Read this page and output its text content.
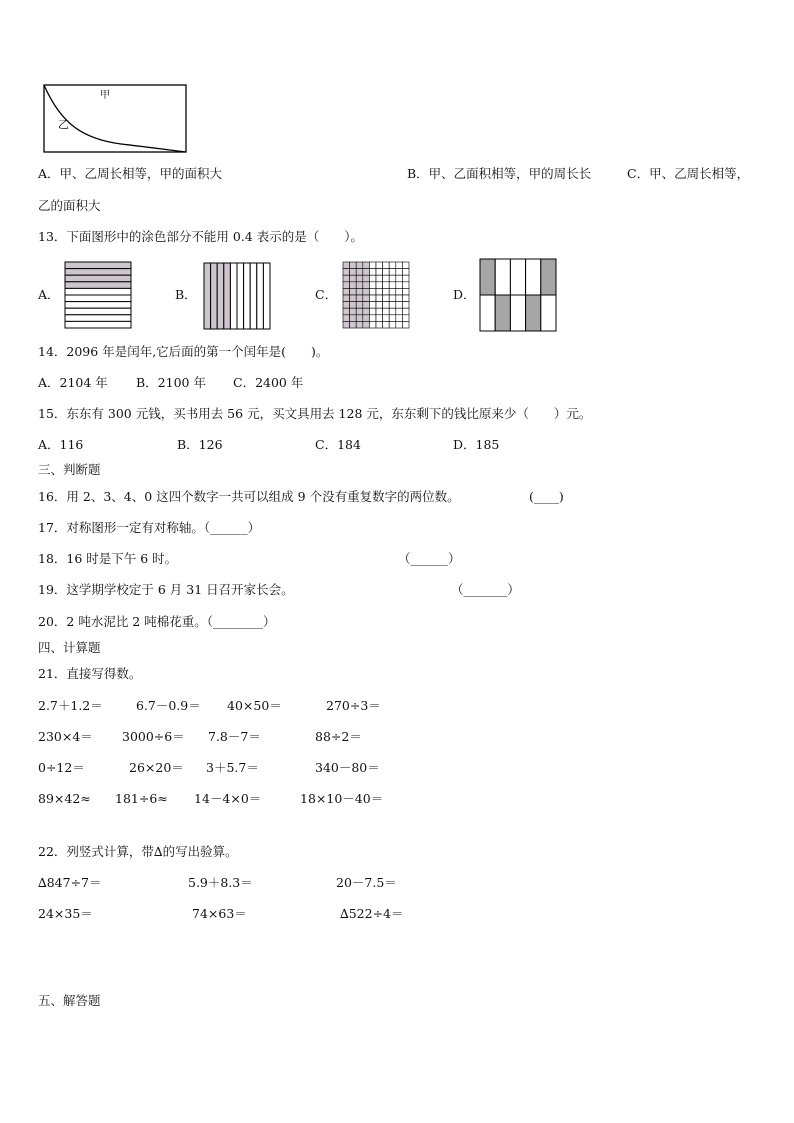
甲
乙
A．甲、乙周长相等，甲的面积大	B．甲、乙面积相等，甲的周长长	C．甲、乙周长相等，
乙的面积大
13．下面图形中的涂色部分不能用 0.4 表示的是（　　）。
A．	B．	C．	D．
14．2096 年是闰年,它后面的第一个闰年是(　　)。
A．2104 年 B．2100 年 C．2400 年
15．东东有 300 元钱，买书用去 56 元，买文具用去 128 元，东东剩下的钱比原来少（　　）元。
A．116	B．126	C．184	D．185
三、判断题
16．用 2、3、4、0 这四个数字一共可以组成 9 个没有重复数字的两位数。	(____)
17．对称图形一定有对称轴。（______）
18．16 时是下午 6 时。	（______）
19．这学期学校定于 6 月 31 日召开家长会。	（_______）
20．2 吨水泥比 2 吨棉花重。（________）
四、计算题
21．直接写得数。
2.7＋1.2＝	6.7－0.9＝ 40×50＝	270÷3＝
230×4＝ 3000÷6＝ 7.8－7＝	88÷2＝
0÷12＝	26×20＝ 3＋5.7＝	340－80＝
89×42≈ 181÷6≈ 14－4×0＝	18×10－40＝
22．列竖式计算，带∆的写出验算。
∆847÷7＝	5.9＋8.3＝	20－7.5＝
24×35＝	74×63＝	∆522÷4＝
五、解答题
